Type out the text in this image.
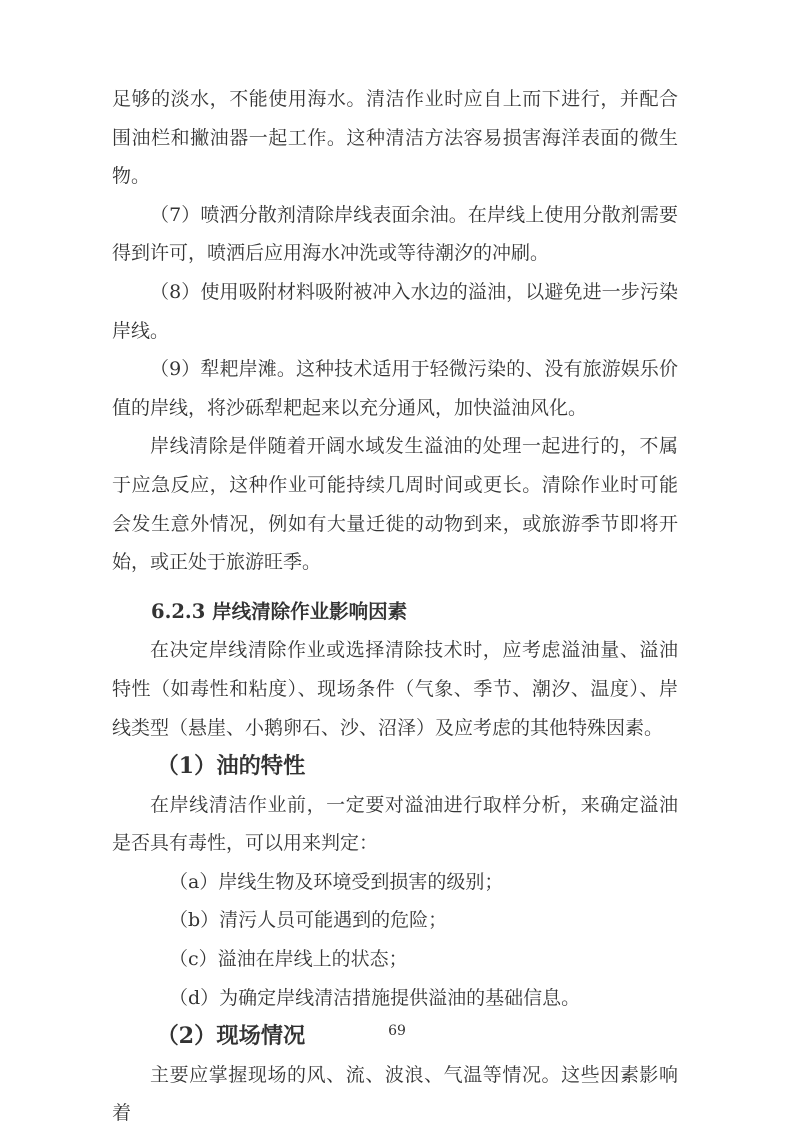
足够的淡水，不能使用海水。清洁作业时应自上而下进行，并配合围油栏和撇油器一起工作。这种清洁方法容易损害海洋表面的微生物。

（7）喷洒分散剂清除岸线表面余油。在岸线上使用分散剂需要得到许可，喷洒后应用海水冲洗或等待潮汐的冲刷。

（8）使用吸附材料吸附被冲入水边的溢油，以避免进一步污染岸线。

（9）犁耙岸滩。这种技术适用于轻微污染的、没有旅游娱乐价值的岸线，将沙砾犁耙起来以充分通风，加快溢油风化。

岸线清除是伴随着开阔水域发生溢油的处理一起进行的，不属于应急反应，这种作业可能持续几周时间或更长。清除作业时可能会发生意外情况，例如有大量迁徙的动物到来，或旅游季节即将开始，或正处于旅游旺季。

6.2.3 岸线清除作业影响因素

在决定岸线清除作业或选择清除技术时，应考虑溢油量、溢油特性（如毒性和粘度）、现场条件（气象、季节、潮汐、温度）、岸线类型（悬崖、小鹅卵石、沙、沼泽）及应考虑的其他特殊因素。

（1）油的特性

在岸线清洁作业前，一定要对溢油进行取样分析，来确定溢油是否具有毒性，可以用来判定：

（a）岸线生物及环境受到损害的级别；

（b）清污人员可能遇到的危险；

（c）溢油在岸线上的状态；

（d）为确定岸线清洁措施提供溢油的基础信息。

（2）现场情况

主要应掌握现场的风、流、波浪、气温等情况。这些因素影响着

69
